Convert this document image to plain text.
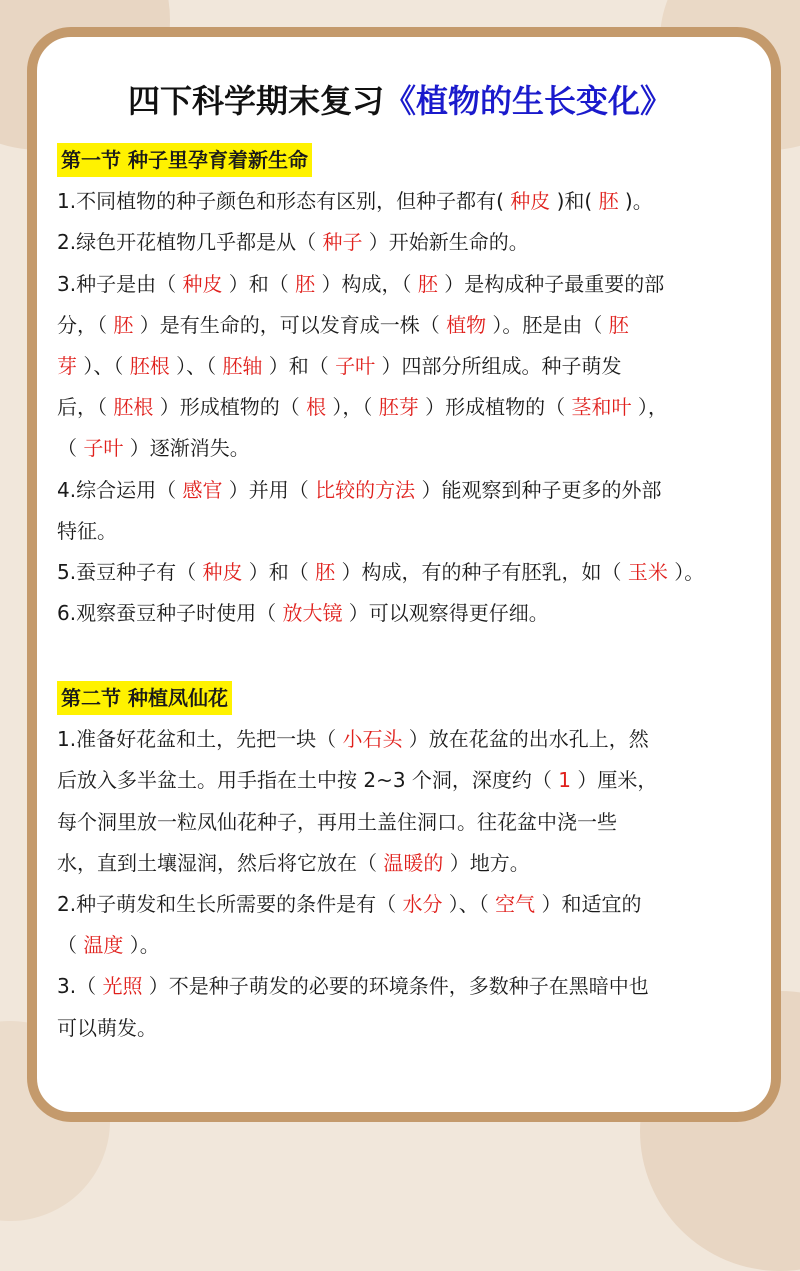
四下科学期末复习《植物的生长变化》

第一节 种子里孕育着新生命

1.不同植物的种子颜色和形态有区别，但种子都有( 种皮 )和( 胚 )。

2.绿色开花植物几乎都是从（ 种子 ）开始新生命的。

3.种子是由（ 种皮 ）和（ 胚 ）构成，（ 胚 ）是构成种子最重要的部

分，（ 胚 ）是有生命的，可以发育成一株（ 植物 ）。胚是由（ 胚

芽 ）、（ 胚根 ）、（ 胚轴 ）和（ 子叶 ）四部分所组成。种子萌发

后，（ 胚根 ）形成植物的（ 根 ），（ 胚芽 ）形成植物的（ 茎和叶 ），

（ 子叶 ）逐渐消失。

4.综合运用（ 感官 ）并用（ 比较的方法 ）能观察到种子更多的外部

特征。

5.蚕豆种子有（ 种皮 ）和（ 胚 ）构成，有的种子有胚乳，如（ 玉米 ）。

6.观察蚕豆种子时使用（ 放大镜 ）可以观察得更仔细。

第二节 种植凤仙花

1.准备好花盆和土，先把一块（ 小石头 ）放在花盆的出水孔上，然

后放入多半盆土。用手指在土中按 2~3 个洞，深度约（ 1 ）厘米，

每个洞里放一粒凤仙花种子，再用土盖住洞口。往花盆中浇一些

水，直到土壤湿润，然后将它放在（ 温暖的 ）地方。

2.种子萌发和生长所需要的条件是有（ 水分 ）、（ 空气 ）和适宜的

（ 温度 ）。

3.（ 光照 ）不是种子萌发的必要的环境条件，多数种子在黑暗中也

可以萌发。
